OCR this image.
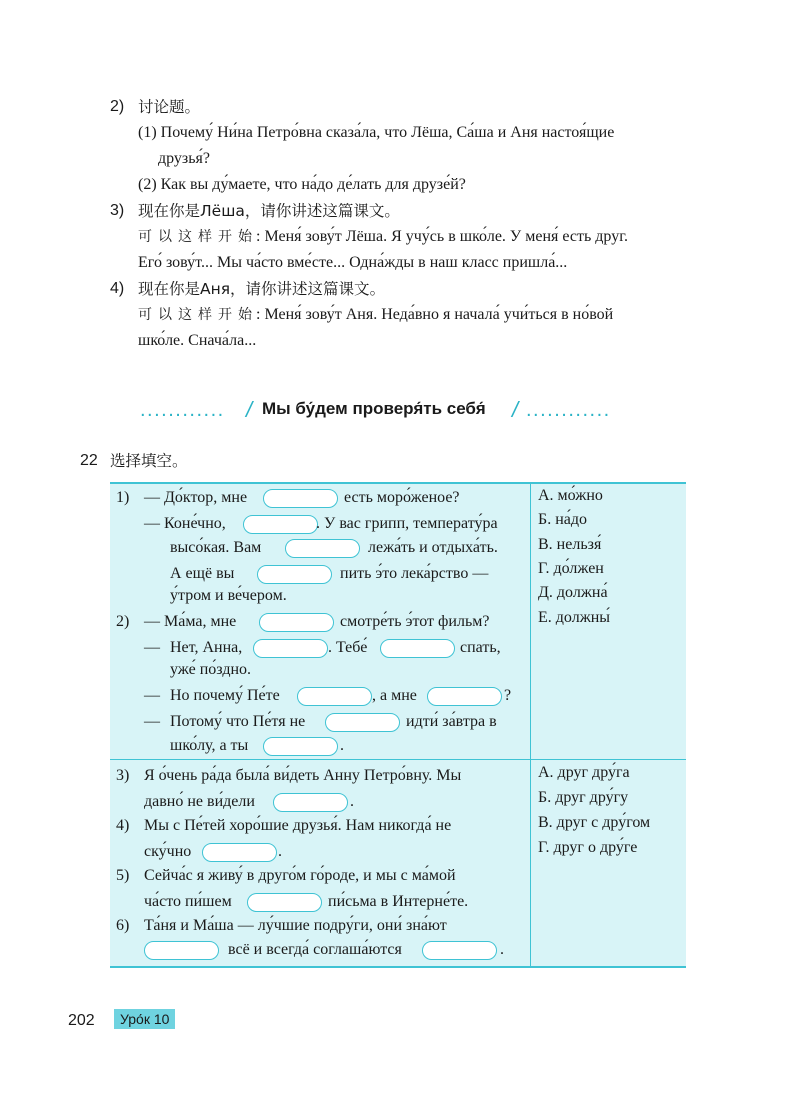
2) 讨论题。
(1) Почему́ Ни́на Петро́вна сказа́ла, что Лёша, Са́ша и Аня настоя́щие
друзья́?
(2) Как вы ду́маете, что на́до де́лать для друзе́й?
3) 现在你是Лёша，请你讲述这篇课文。
可以这样开始
: Меня́ зову́т Лёша. Я учу́сь в шко́ле. У меня́ есть друг.
Его́ зову́т... Мы ча́сто вме́сте... Одна́жды в наш класс пришла́...
4) 现在你是Аня，请你讲述这篇课文。
可以这样开始
: Меня́ зову́т Аня. Неда́вно я начала́ учи́ться в но́вой
шко́ле. Снача́ла...
............ / Мы бу́дем проверя́ть себя́ / ............
22 选择填空。
1) — До́ктор, мне	есть моро́женое?
— Коне́чно,	. У вас грипп, температу́ра
высо́кая. Вам	лежа́ть и отдыха́ть.
А ещё вы	пить э́то лека́рство —
у́тром и ве́чером.
2) — Ма́ма, мне	смотре́ть э́тот фильм?
— Нет, Анна,	. Тебе́	спать,
уже́ по́здно.
— Но почему́ Пе́те	, а мне	?
— Потому́ что Пе́тя не	идти́ за́втра в
шко́лу, а ты	.
А. мо́жно
Б. на́до
В. нельзя́
Г. до́лжен
Д. должна́
Е. должны́
3) Я о́чень ра́да была́ ви́деть Анну Петро́вну. Мы
давно́ не ви́дели	.
4) Мы с Пе́тей хоро́шие друзья́. Нам никогда́ не
ску́чно	.
5) Сейча́с я живу́ в друго́м го́роде, и мы с ма́мой
ча́сто пи́шем	пи́сьма в Интерне́те.
6) Та́ня и Ма́ша — лу́чшие подру́ги, они́ зна́ют
всё и всегда́ соглаша́ются	.
А. друг дру́га
Б. друг дру́гу
В. друг с дру́гом
Г. друг о дру́ге
202	Уро́к 10
